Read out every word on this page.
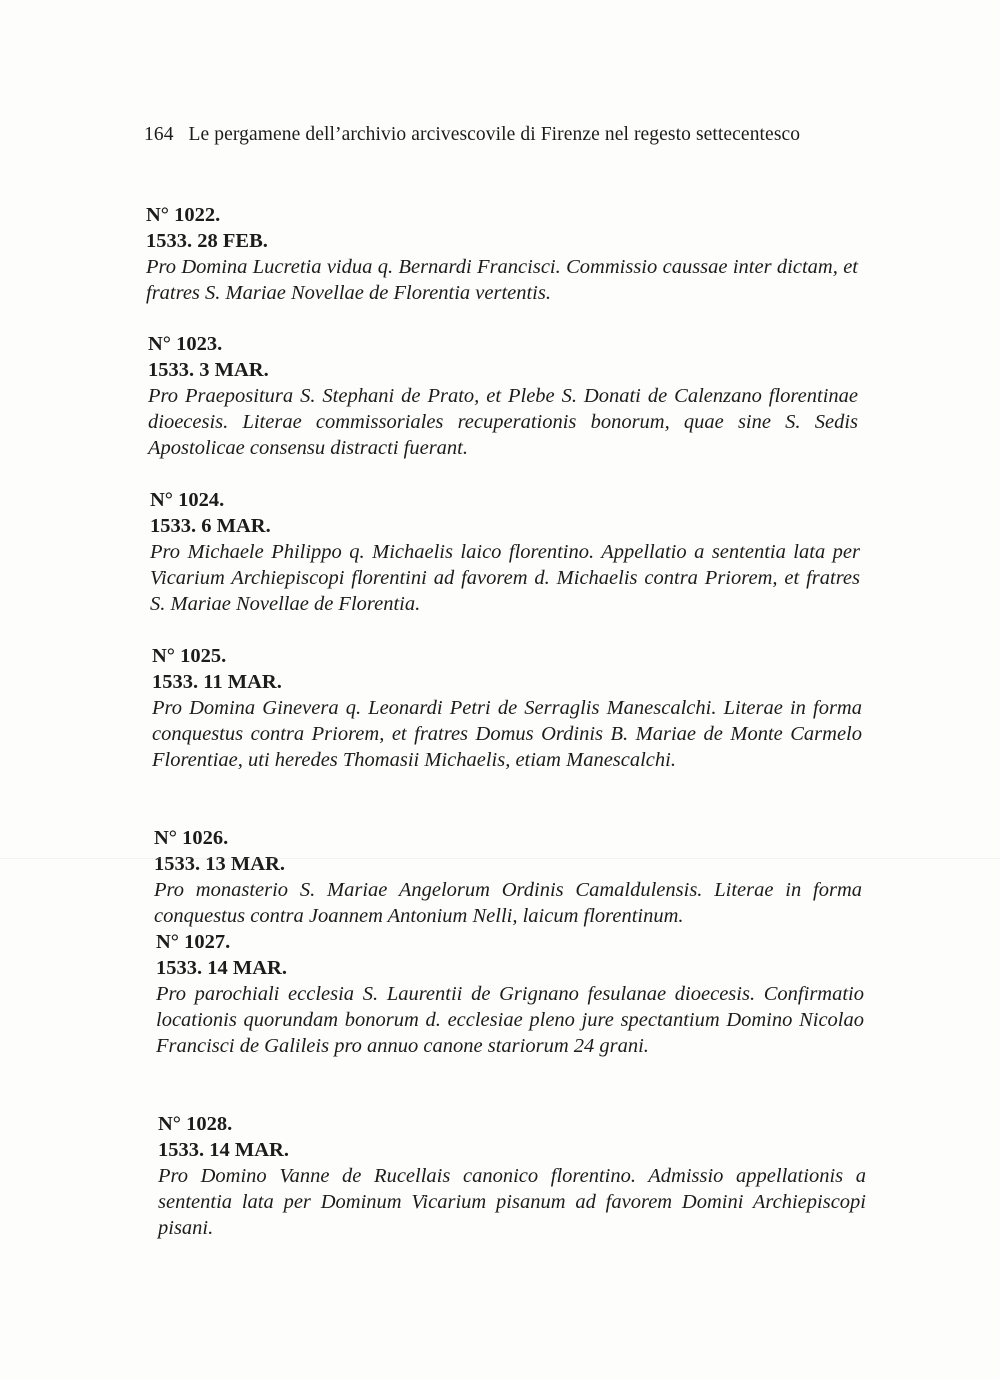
164 Le pergamene dell’archivio arcivescovile di Firenze nel regesto settecentesco
N° 1022.
1533. 28 FEB.

Pro Domina Lucretia vidua q. Bernardi Francisci. Commissio caussae inter dictam, et fratres S. Mariae Novellae de Florentia vertentis.

N° 1023.
1533. 3 MAR.

Pro Praepositura S. Stephani de Prato, et Plebe S. Donati de Calenzano florentinae dioecesis. Literae commissoriales recuperationis bonorum, quae sine S. Sedis Apostolicae consensu distracti fuerant.

N° 1024.
1533. 6 MAR.

Pro Michaele Philippo q. Michaelis laico florentino. Appellatio a sententia lata per Vicarium Archiepiscopi florentini ad favorem d. Michaelis contra Priorem, et fratres S. Mariae Novellae de Florentia.

N° 1025.
1533. 11 MAR.

Pro Domina Ginevera q. Leonardi Petri de Serraglis Manescalchi. Literae in forma conquestus contra Priorem, et fratres Domus Ordinis B. Mariae de Monte Carmelo Florentiae, uti heredes Thomasii Michaelis, etiam Manescalchi.

N° 1026.
1533. 13 MAR.

Pro monasterio S. Mariae Angelorum Ordinis Camaldulensis. Literae in forma conquestus contra Joannem Antonium Nelli, laicum florentinum.

N° 1027.
1533. 14 MAR.

Pro parochiali ecclesia S. Laurentii de Grignano fesulanae dioecesis. Confirmatio locationis quorundam bonorum d. ecclesiae pleno jure spectantium Domino Nicolao Francisci de Galileis pro annuo canone stariorum 24 grani.

N° 1028.
1533. 14 MAR.

Pro Domino Vanne de Rucellais canonico florentino. Admissio appellationis a sententia lata per Dominum Vicarium pisanum ad favorem Domini Archiepiscopi pisani.
